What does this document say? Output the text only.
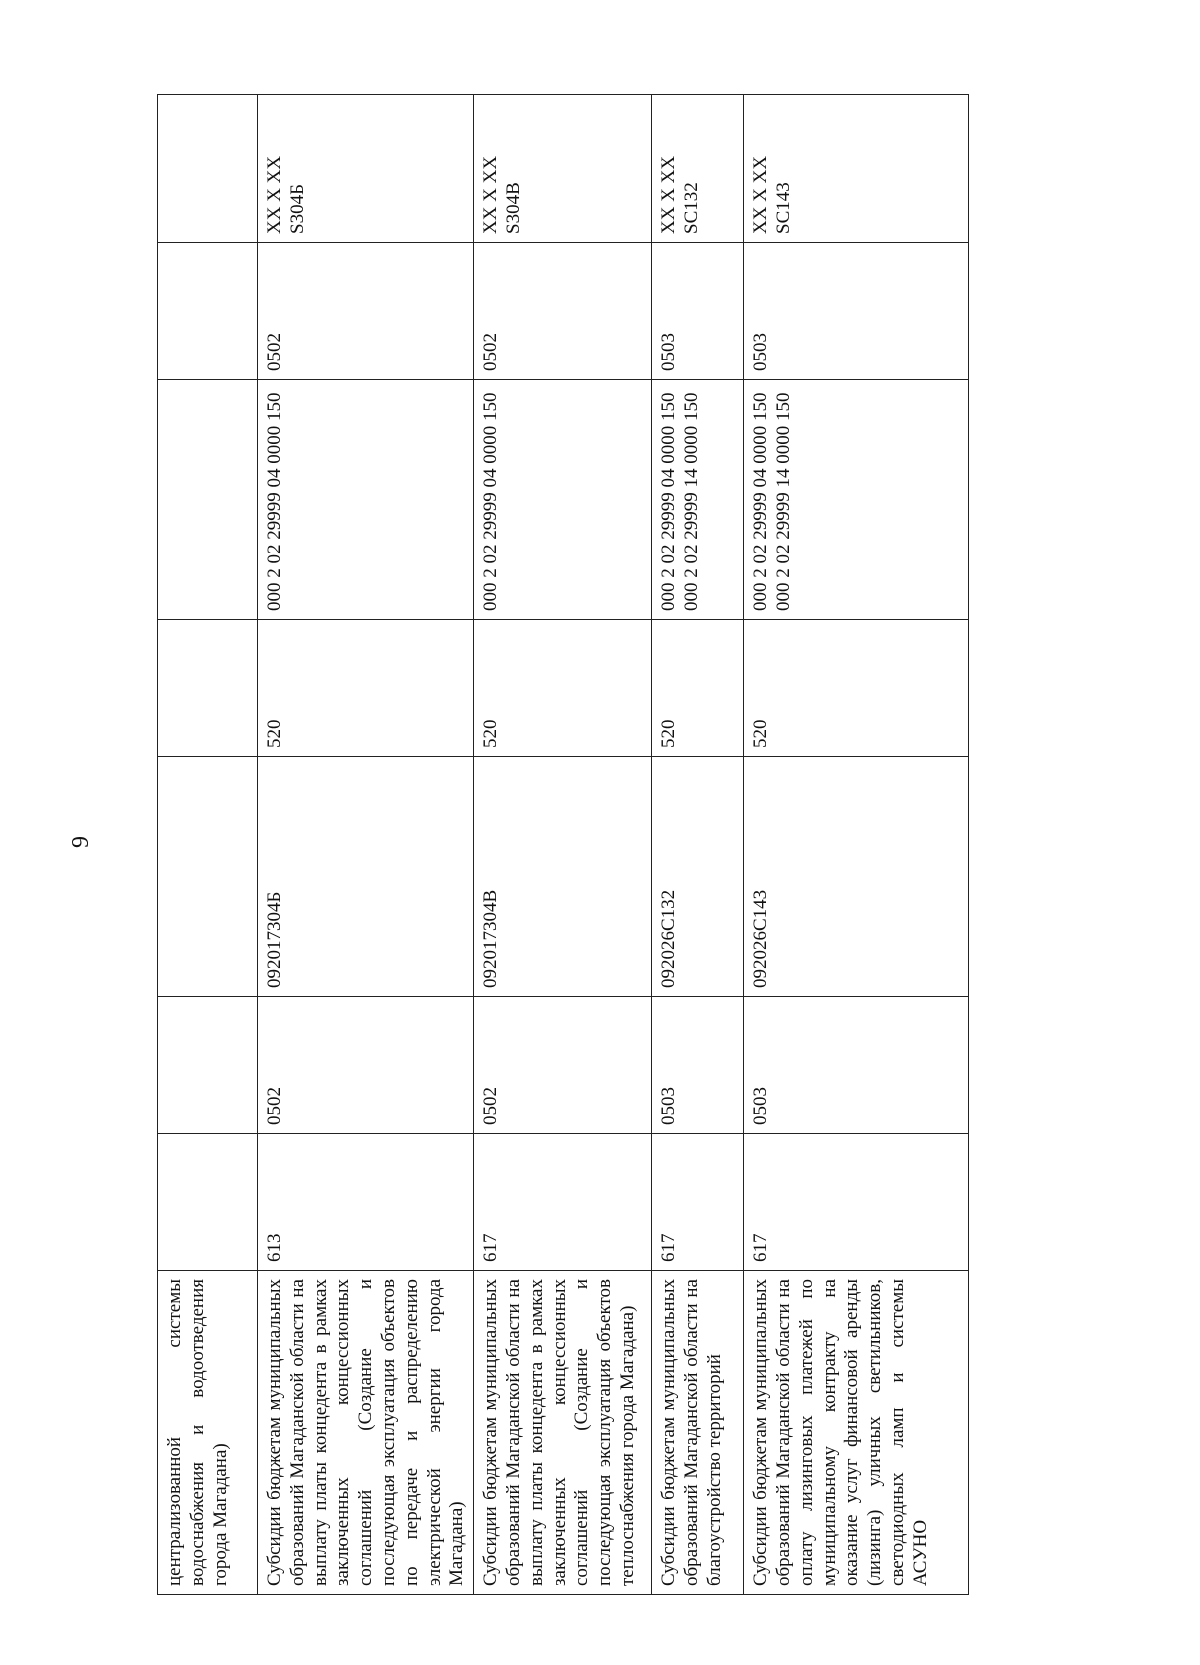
9
централизованной системы водоснабжения и водоотведения города Магадана)							
Субсидии бюджетам муниципальных образований Магаданской области на выплату платы концедента в рамках заключенных концессионных соглашений (Создание и последующая эксплуатация объектов по передаче и распределению электрической энергии города Магадана)	613	0502	092017304Б	520	000 2 02 29999 04 0000 150	0502	XX X XX S304Б
Субсидии бюджетам муниципальных образований Магаданской области на выплату платы концедента в рамках заключенных концессионных соглашений (Создание и последующая эксплуатация объектов теплоснабжения города Магадана)	617	0502	092017304В	520	000 2 02 29999 04 0000 150	0502	XX X XX S304В
Субсидии бюджетам муниципальных образований Магаданской области на благоустройство территорий	617	0503	092026С132	520	000 2 02 29999 04 0000 150 000 2 02 29999 14 0000 150	0503	XX X XX SC132
Субсидии бюджетам муниципальных образований Магаданской области на оплату лизинговых платежей по муниципальному контракту на оказание услуг финансовой аренды (лизинга) уличных светильников, светодиодных ламп и системы АСУНО	617	0503	092026С143	520	000 2 02 29999 04 0000 150 000 2 02 29999 14 0000 150	0503	XX X XX SC143
